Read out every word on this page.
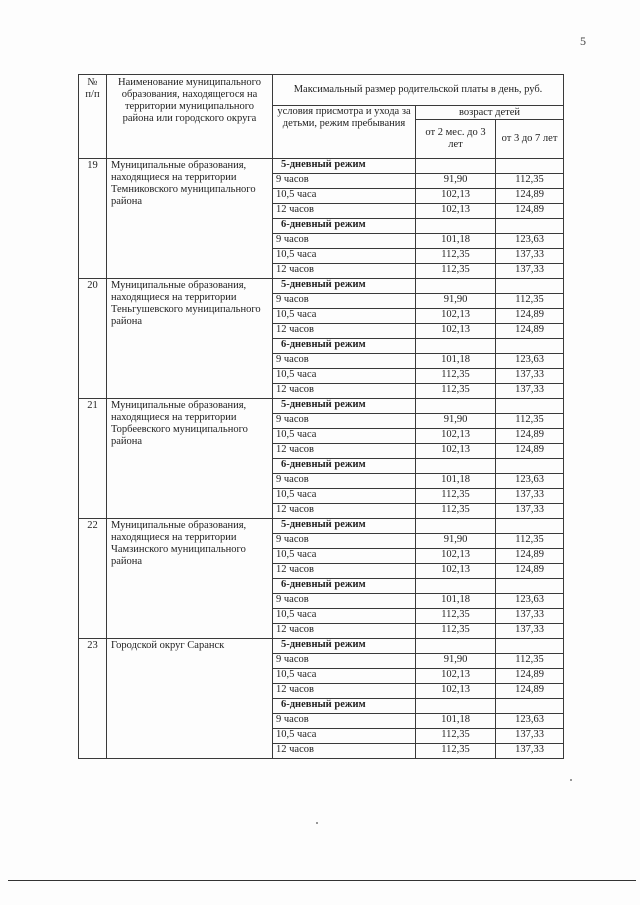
5
№ п/п	Наименование муниципального образования, находящегося на территории муниципального района или городского округа	Максимальный размер родительской платы в день, руб.		
		условия присмотра и ухода за детьми, режим пребывания	возраст детей	
			от 2 мес. до 3 лет	от 3 до 7 лет
19	Муниципальные образования, находящиеся на территории Темниковского муниципального района	5-дневный режим		
		9 часов	91,90	112,35
		10,5 часа	102,13	124,89
		12 часов	102,13	124,89
		6-дневный режим		
		9 часов	101,18	123,63
		10,5 часа	112,35	137,33
		12 часов	112,35	137,33
20	Муниципальные образования, находящиеся на территории Теньгушевского муниципального района	5-дневный режим		
		9 часов	91,90	112,35
		10,5 часа	102,13	124,89
		12 часов	102,13	124,89
		6-дневный режим		
		9 часов	101,18	123,63
		10,5 часа	112,35	137,33
		12 часов	112,35	137,33
21	Муниципальные образования, находящиеся на территории Торбеевского муниципального района	5-дневный режим		
		9 часов	91,90	112,35
		10,5 часа	102,13	124,89
		12 часов	102,13	124,89
		6-дневный режим		
		9 часов	101,18	123,63
		10,5 часа	112,35	137,33
		12 часов	112,35	137,33
22	Муниципальные образования, находящиеся на территории Чамзинского муниципального района	5-дневный режим		
		9 часов	91,90	112,35
		10,5 часа	102,13	124,89
		12 часов	102,13	124,89
		6-дневный режим		
		9 часов	101,18	123,63
		10,5 часа	112,35	137,33
		12 часов	112,35	137,33
23	Городской округ Саранск	5-дневный режим		
		9 часов	91,90	112,35
		10,5 часа	102,13	124,89
		12 часов	102,13	124,89
		6-дневный режим		
		9 часов	101,18	123,63
		10,5 часа	112,35	137,33
		12 часов	112,35	137,33
